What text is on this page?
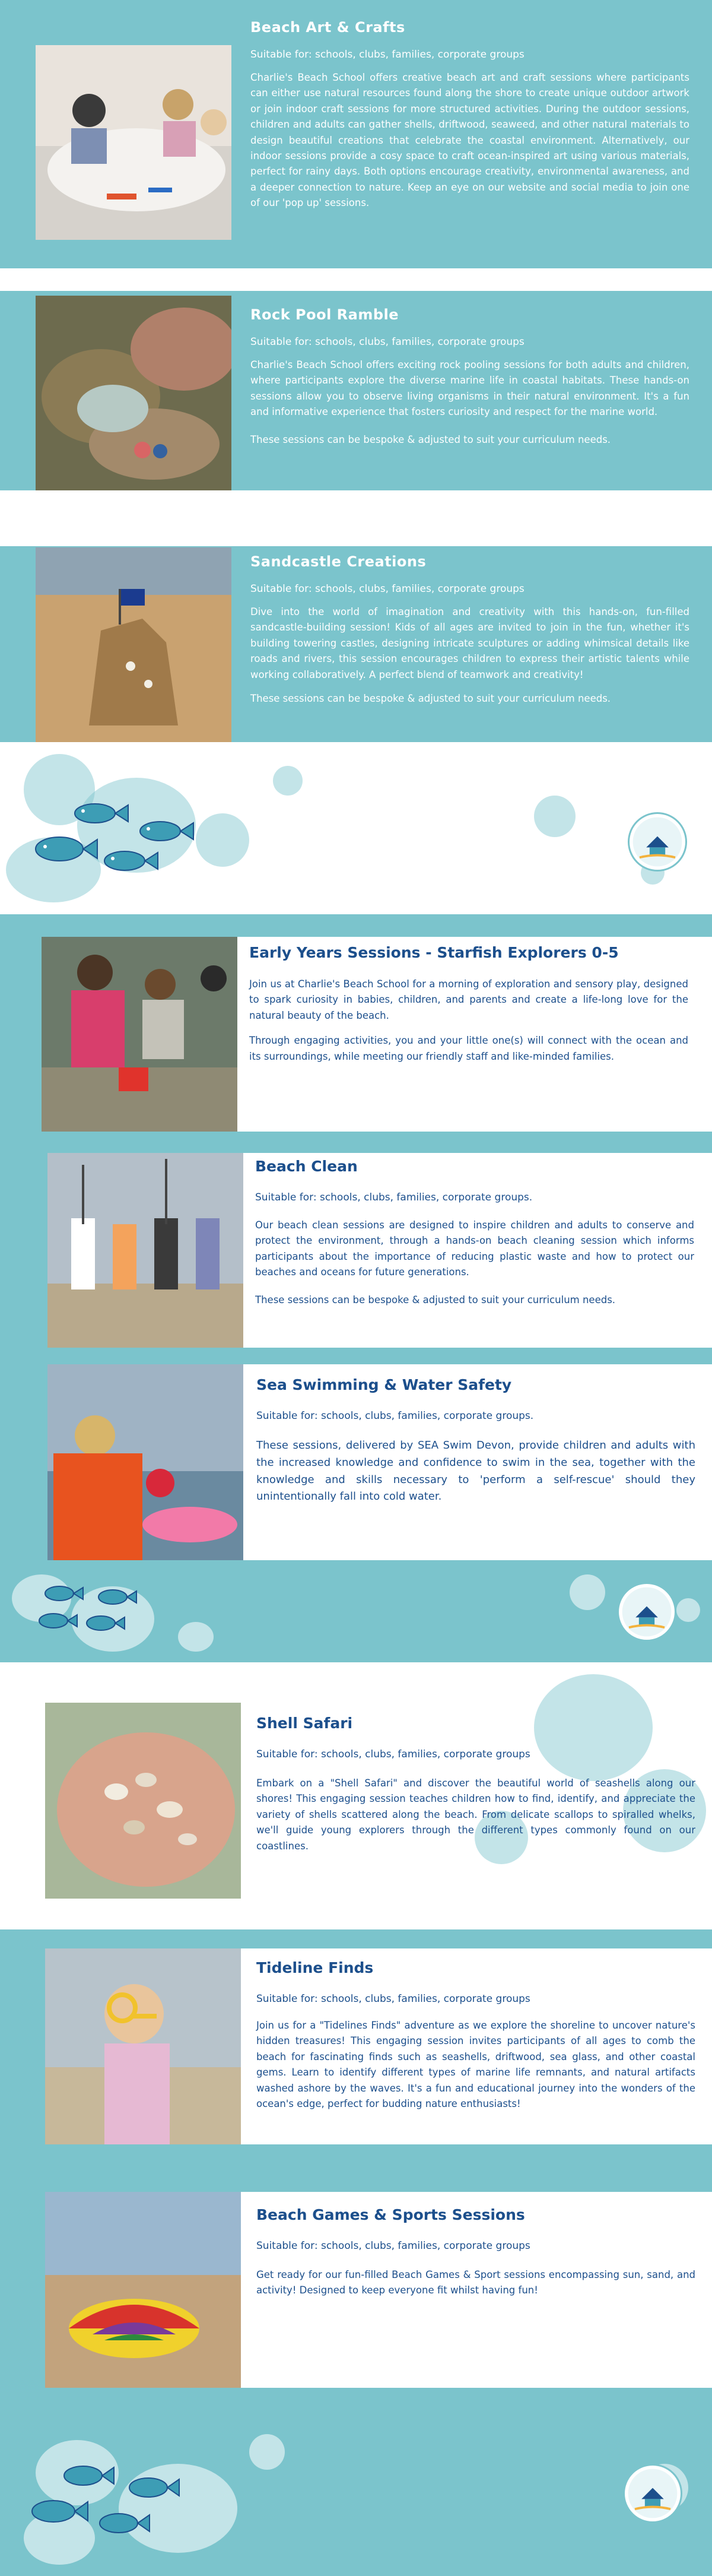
Beach Art & Crafts
Suitable for: schools, clubs, families, corporate groups
Charlie's Beach School offers creative beach art and craft sessions where participants can either use natural resources found along the shore to create unique outdoor artwork or join indoor craft sessions for more structured activities. During the outdoor sessions, children and adults can gather shells, driftwood, seaweed, and other natural materials to design beautiful creations that celebrate the coastal environment. Alternatively, our indoor sessions provide a cosy space to craft ocean-inspired art using various materials, perfect for rainy days. Both options encourage creativity, environmental awareness, and a deeper connection to nature. Keep an eye on our website and social media to join one of our 'pop up' sessions.
Rock Pool Ramble
Suitable for: schools, clubs, families, corporate groups
Charlie's Beach School offers exciting rock pooling sessions for both adults and children, where participants explore the diverse marine life in coastal habitats. These hands-on sessions allow you to observe living organisms in their natural environment. It's a fun and informative experience that fosters curiosity and respect for the marine world.
These sessions can be bespoke & adjusted to suit your curriculum needs.
Sandcastle Creations
Suitable for: schools, clubs, families, corporate groups
Dive into the world of imagination and creativity with this hands-on, fun-filled sandcastle-building session! Kids of all ages are invited to join in the fun, whether it's building towering castles, designing intricate sculptures or adding whimsical details like roads and rivers, this session encourages children to express their artistic talents while working collaboratively. A perfect blend of teamwork and creativity!
These sessions can be bespoke & adjusted to suit your curriculum needs.
Early Years Sessions - Starfish Explorers 0-5
Join us at Charlie's Beach School for a morning of exploration and sensory play, designed to spark curiosity in babies, children, and parents and create a life-long love for the natural beauty of the beach.
Through engaging activities, you and your little one(s) will connect with the ocean and its surroundings, while meeting our friendly staff and like-minded families.
Beach Clean
Suitable for: schools, clubs, families, corporate groups.
Our beach clean sessions are designed to inspire children and adults to conserve and protect the environment, through a hands-on beach cleaning session which informs participants about the importance of reducing plastic waste and how to protect our beaches and oceans for future generations.
These sessions can be bespoke & adjusted to suit your curriculum needs.
Sea Swimming & Water Safety
Suitable for: schools, clubs, families, corporate groups.
These sessions, delivered by SEA Swim Devon, provide children and adults with the increased knowledge and confidence to swim in the sea, together with the knowledge and skills necessary to 'perform a self-rescue' should they unintentionally fall into cold water.
Shell Safari
Suitable for: schools, clubs, families, corporate groups
Embark on a "Shell Safari" and discover the beautiful world of seashells along our shores! This engaging session teaches children how to find, identify, and appreciate the variety of shells scattered along the beach. From delicate scallops to spiralled whelks, we'll guide young explorers through the different types commonly found on our coastlines.
Tideline Finds
Suitable for: schools, clubs, families, corporate groups
Join us for a "Tidelines Finds" adventure as we explore the shoreline to uncover nature's hidden treasures! This engaging session invites participants of all ages to comb the beach for fascinating finds such as seashells, driftwood, sea glass, and other coastal gems. Learn to identify different types of marine life remnants, and natural artifacts washed ashore by the waves. It's a fun and educational journey into the wonders of the ocean's edge, perfect for budding nature enthusiasts!
Beach Games & Sports Sessions
Suitable for: schools, clubs, families, corporate groups
Get ready for our fun-filled Beach Games & Sport sessions encompassing sun, sand, and activity! Designed to keep everyone fit whilst having fun!
